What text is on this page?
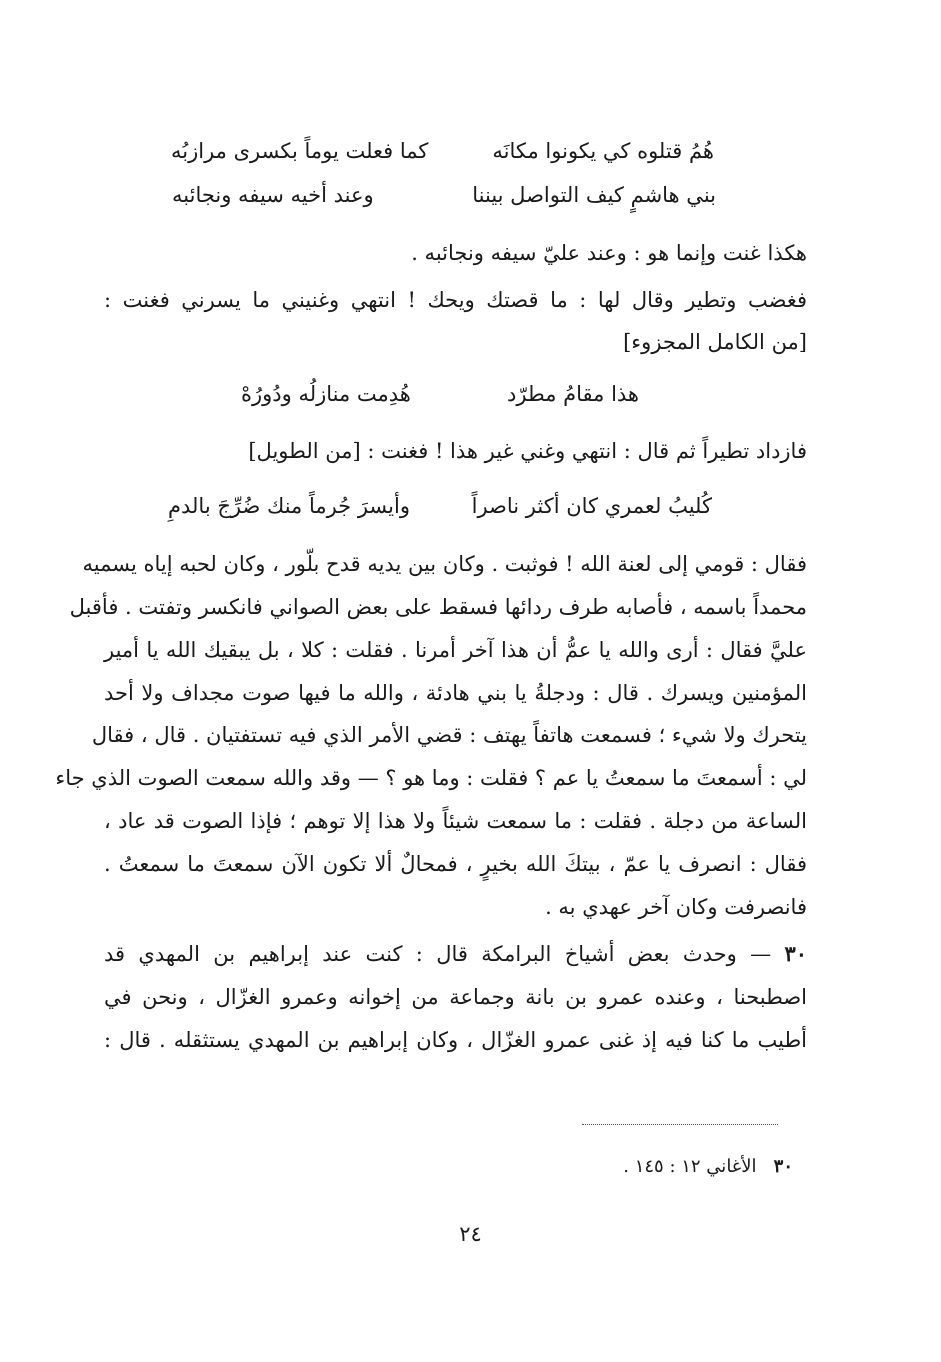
هُمُ قتلوه كي يكونوا مكانَه
كما فعلت يوماً بكسرى مرازبُه
بني هاشمٍ كيف التواصل بيننا
وعند أخيه سيفه ونجائبه
هكذا غنت وإنما هو : وعند عليّ سيفه ونجائبه .
فغضب وتطير وقال لها : ما قصتك ويحك ! انتهي وغنيني ما يسرني فغنت :
[من الكامل المجزوء]
هذا مقامُ مطرّد
هُدِمت منازلُه ودُورُهْ
فازداد تطيراً ثم قال : انتهي وغني غير هذا ! فغنت : [من الطويل]
كُليبُ لعمري كان أكثر ناصراً
وأيسرَ جُرماً منك ضُرِّجَ بالدمِ
فقال : قومي إلى لعنة الله ! فوثبت . وكان بين يديه قدح بلّور ، وكان لحبه إياه يسميه
محمداً باسمه ، فأصابه طرف ردائها فسقط على بعض الصواني فانكسر وتفتت . فأقبل
عليَّ فقال : أرى والله يا عمُّ أن هذا آخر أمرنا . فقلت : كلا ، بل يبقيك الله يا أمير
المؤمنين ويسرك . قال : ودجلةُ يا بني هادئة ، والله ما فيها صوت مجداف ولا أحد
يتحرك ولا شيء ؛ فسمعت هاتفاً يهتف : قضي الأمر الذي فيه تستفتيان . قال ، فقال
لي : أسمعتَ ما سمعتُ يا عم ؟ فقلت : وما هو ؟ — وقد والله سمعت الصوت الذي جاء
الساعة من دجلة . فقلت : ما سمعت شيئاً ولا هذا إلا توهم ؛ فإذا الصوت قد عاد ،
فقال : انصرف يا عمّ ، بيتكَ الله بخيرٍ ، فمحالٌ ألا تكون الآن سمعتَ ما سمعتُ .
فانصرفت وكان آخر عهدي به .
٣٠ — وحدث بعض أشياخ البرامكة قال : كنت عند إبراهيم بن المهدي قد
اصطبحنا ، وعنده عمرو بن بانة وجماعة من إخوانه وعمرو الغزّال ، ونحن في
أطيب ما كنا فيه إذ غنى عمرو الغزّال ، وكان إبراهيم بن المهدي يستثقله . قال :
٣٠   الأغاني ١٢ : ١٤٥ .
٢٤
